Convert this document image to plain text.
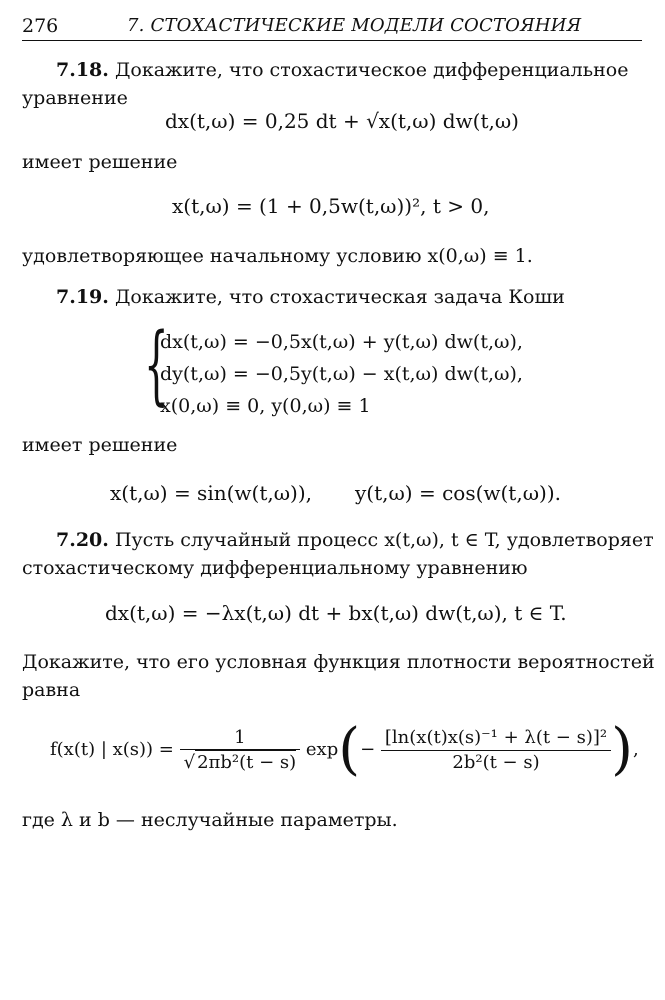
276	7. СТОХАСТИЧЕСКИЕ МОДЕЛИ СОСТОЯНИЯ
7.18. Докажите, что стохастическое дифференциальное
уравнение
dx(t,ω) = 0,25 dt + √x(t,ω) dw(t,ω)
имеет решение
x(t,ω) = (1 + 0,5w(t,ω))², t > 0,
удовлетворяющее начальному условию x(0,ω) ≡ 1.
7.19. Докажите, что стохастическая задача Коши
{
dx(t,ω) = −0,5x(t,ω) + y(t,ω) dw(t,ω),
dy(t,ω) = −0,5y(t,ω) − x(t,ω) dw(t,ω),
x(0,ω) ≡ 0, y(0,ω) ≡ 1
имеет решение
x(t,ω) = sin(w(t,ω)), y(t,ω) = cos(w(t,ω)).
7.20. Пусть случайный процесс x(t,ω), t ∈ T, удовлетворяет
стохастическому дифференциальному уравнению
dx(t,ω) = −λx(t,ω) dt + bx(t,ω) dw(t,ω), t ∈ T.
Докажите, что его условная функция плотности вероятностей
равна
f(x(t) | $x(s)) = \frac{1}{\text{√ 2πb²(t − s)}} \exp(- \frac{\text{[ln(x(t)x(s)⁻¹ + λ(t − s)]²}}{\text{2b²(t − s)}}$ ),
где λ и b — неслучайные параметры.
